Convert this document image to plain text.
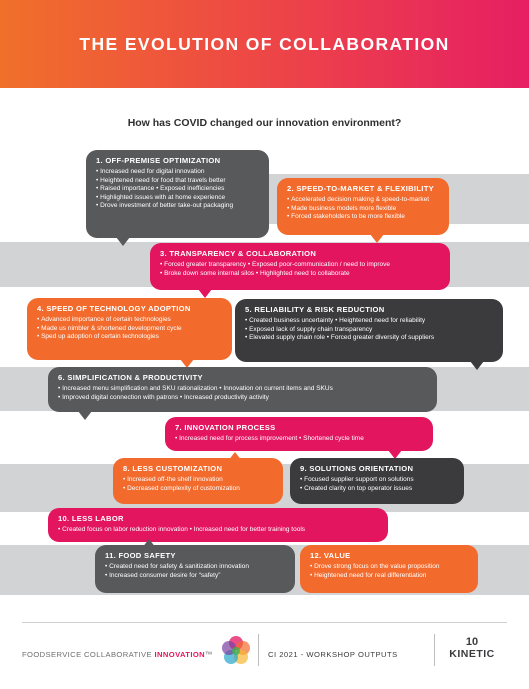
THE EVOLUTION OF COLLABORATION
How has COVID changed our innovation environment?
1. OFF-PREMISE OPTIMIZATION
• Increased need for digital innovation
• Heightened need for food that travels better
• Raised importance • Exposed inefficiencies
• Highlighted issues with at home experience
• Drove investment of better take-out packaging
2. SPEED-TO-MARKET & FLEXIBILITY
• Accelerated decision making & speed-to-market
• Made business models more flexible
• Forced stakeholders to be more flexible
3. TRANSPARENCY & COLLABORATION
• Forced greater transparency • Exposed poor-communication / need to improve
• Broke down some internal silos • Highlighted need to collaborate
4. SPEED OF TECHNOLOGY ADOPTION
• Advanced importance of certain technologies
• Made us nimbler & shortened development cycle
• Sped up adoption of certain technologies
5. RELIABILITY & RISK REDUCTION
• Created business uncertainty • Heightened need for reliability
• Exposed lack of supply chain transparency
• Elevated supply chain role • Forced greater diversity of suppliers
6. SIMPLIFICATION & PRODUCTIVITY
• Increased menu simplification and SKU rationalization • Innovation on current items and SKUs
• Improved digital connection with patrons • Increased productivity activity
7. INNOVATION PROCESS
• Increased need for process improvement • Shortened cycle time
8. LESS CUSTOMIZATION
• Increased off-the shelf innovation
• Decreased complexity of customization
9. SOLUTIONS ORIENTATION
• Focused supplier support on solutions
• Created clarity on top operator issues
10. LESS LABOR
• Created focus on labor reduction innovation • Increased need for better training tools
11. FOOD SAFETY
• Created need for safety & sanitization innovation
• Increased consumer desire for “safety”
12. VALUE
• Drove strong focus on the value proposition
• Heightened need for real differentiation
FOODSERVICE COLLABORATIVE INNOVATION™	CI 2021 - WORKSHOP OUTPUTS
10
KINETIC
